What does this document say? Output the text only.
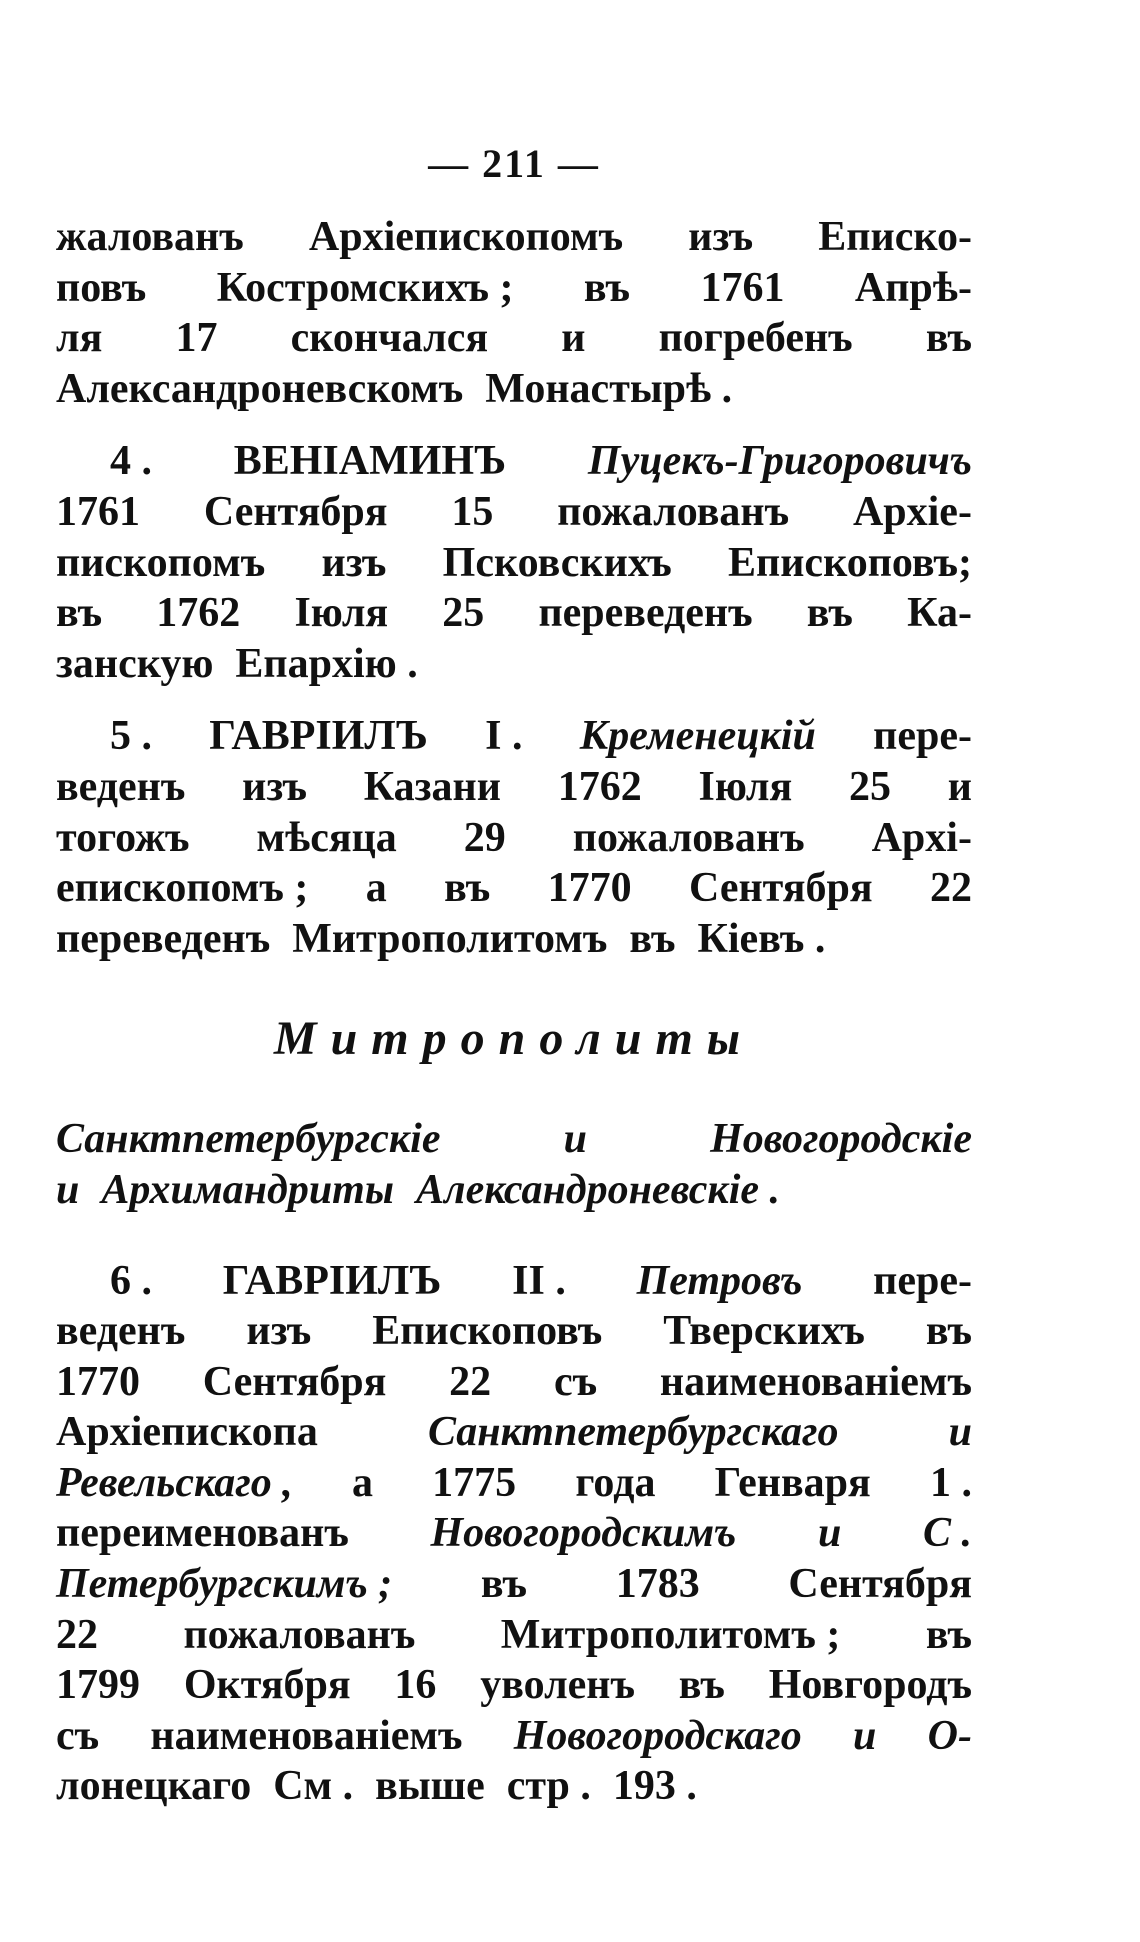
— 211 —
жалованъ Архіепископомъ изъ Еписко-
повъ Костромскихъ ; въ 1761 Апрѣ-
ля 17 скончался и погребенъ въ
Александроневскомъ Монастырѣ .
4 . ВЕНІАМИНЪ Пуцекъ-Григоровичъ
1761 Сентября 15 пожалованъ Архіе-
пископомъ изъ Псковскихъ Епископовъ;
въ 1762 Іюля 25 переведенъ въ Ка-
занскую Епархію .
5 . ГАВРІИЛЪ I . Кременецкій пере-
веденъ изъ Казани 1762 Іюля 25 и
тогожъ мѣсяца 29 пожалованъ Архі-
епископомъ ; а въ 1770 Сентября 22
переведенъ Митрополитомъ въ Кіевъ .
Митрополиты
Санктпетербургскіе	и	Новогородскіе
и Архимандриты Александроневскіе .
6 . ГАВРІИЛЪ II . Петровъ пере-
веденъ изъ Епископовъ Тверскихъ въ
1770 Сентября 22 съ наименованіемъ
Архіепископа	Санктпетербургскаго	и
Ревельскаго , а 1775 года Генваря 1 .
переименованъ Новогородскимъ и С .
Петербургскимъ ; въ 1783 Сентября
22 пожалованъ Митрополитомъ ; въ
1799 Октября 16 уволенъ въ Новгородъ
съ наименованіемъ Новогородскаго и О-
лонецкаго См . выше стр . 193 .
